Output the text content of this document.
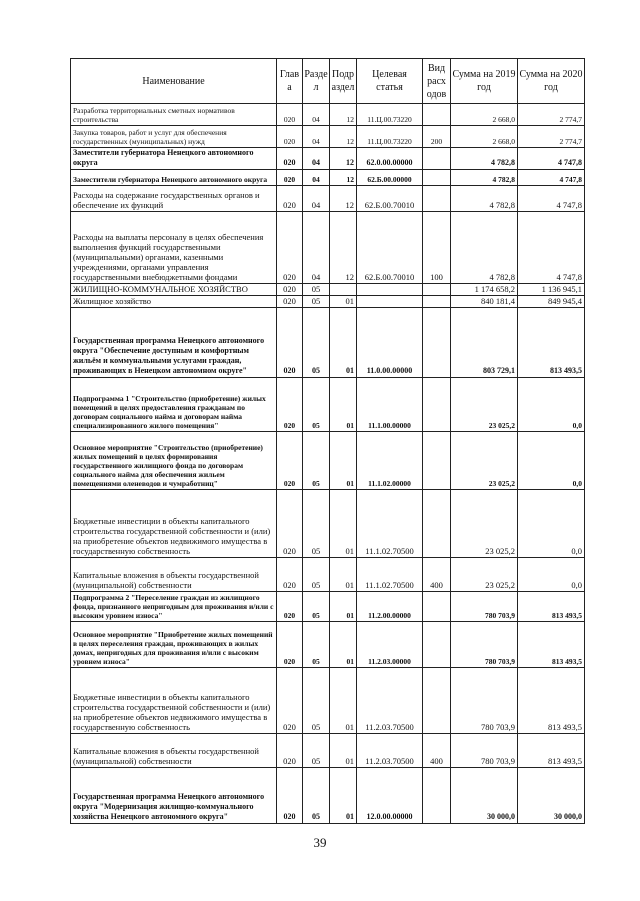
Наименование	Глав а	Разде л	Подр аздел	Целевая статья	Вид расх одов	Сумма на 2019 год	Сумма на 2020 год
Разработка территориальных сметных нормативов строительства	020	04	12	11.Ц.00.73220		2 668,0	2 774,7
Закупка товаров, работ и услуг для обеспечения государственных (муниципальных) нужд	020	04	12	11.Ц.00.73220	200	2 668,0	2 774,7
Заместители губернатора Ненецкого автономного округа	020	04	12	62.0.00.00000		4 782,8	4 747,8
Заместители губернатора Ненецкого автономного округа	020	04	12	62.Б.00.00000		4 782,8	4 747,8
Расходы на содержание государственных органов и обеспечение их функций	020	04	12	62.Б.00.70010		4 782,8	4 747,8
Расходы на выплаты персоналу в целях обеспечения выполнения функций государственными (муниципальными) органами, казенными учреждениями, органами управления государственными внебюджетными фондами	020	04	12	62.Б.00.70010	100	4 782,8	4 747,8
ЖИЛИЩНО-КОММУНАЛЬНОЕ ХОЗЯЙСТВО	020	05				1 174 658,2	1 136 945,1
Жилищное хозяйство	020	05	01			840 181,4	849 945,4
Государственная программа Ненецкого автономного округа "Обеспечение доступным и комфортным жильём и коммунальными услугами граждан, проживающих в Ненецком автономном округе"	020	05	01	11.0.00.00000		803 729,1	813 493,5
Подпрограмма 1 "Строительство (приобретение) жилых помещений в целях предоставления гражданам по договорам социального найма и договорам найма специализированного жилого помещения"	020	05	01	11.1.00.00000		23 025,2	0,0
Основное мероприятие "Строительство (приобретение) жилых помещений в целях формирования государственного жилищного фонда по договорам социального найма для обеспечения жильем помещениями оленеводов и чумработниц"	020	05	01	11.1.02.00000		23 025,2	0,0
Бюджетные инвестиции в объекты капитального строительства государственной собственности и (или) на приобретение объектов недвижимого имущества в государственную собственность	020	05	01	11.1.02.70500		23 025,2	0,0
Капитальные вложения в объекты государственной (муниципальной) собственности	020	05	01	11.1.02.70500	400	23 025,2	0,0
Подпрограмма 2 "Переселение граждан из жилищного фонда, признанного непригодным для проживания и/или с высоким уровнем износа"	020	05	01	11.2.00.00000		780 703,9	813 493,5
Основное мероприятие "Приобретение жилых помещений в целях переселения граждан, проживающих в жилых домах, непригодных для проживания и/или с высоким уровнем износа"	020	05	01	11.2.03.00000		780 703,9	813 493,5
Бюджетные инвестиции в объекты капитального строительства государственной собственности и (или) на приобретение объектов недвижимого имущества в государственную собственность	020	05	01	11.2.03.70500		780 703,9	813 493,5
Капитальные вложения в объекты государственной (муниципальной) собственности	020	05	01	11.2.03.70500	400	780 703,9	813 493,5
Государственная программа Ненецкого автономного округа "Модернизация жилищно-коммунального хозяйства Ненецкого автономного округа"	020	05	01	12.0.00.00000		30 000,0	30 000,0
39
